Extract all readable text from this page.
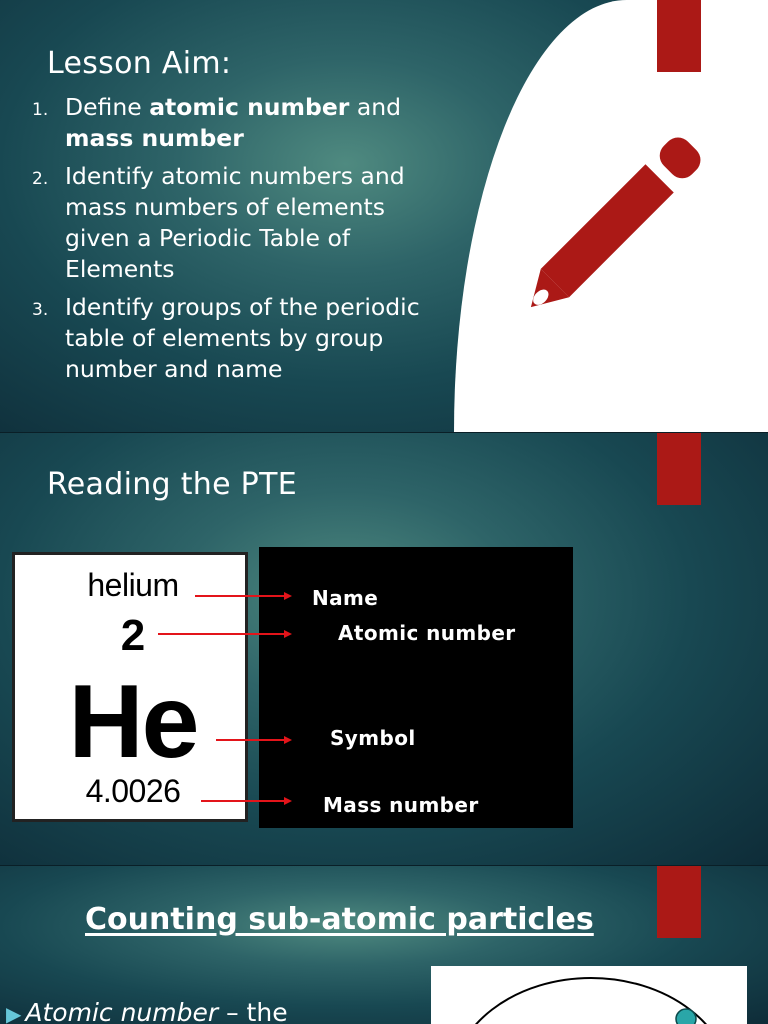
Lesson Aim:
1. Define atomic number and mass number
2. Identify atomic numbers and mass numbers of elements given a Periodic Table of Elements
3. Identify groups of the periodic table of elements by group number and name
Reading the PTE
helium
2
He
4.0026
Name
Atomic number
Symbol
Mass number
Counting sub-atomic particles
▶ Atomic number – the
